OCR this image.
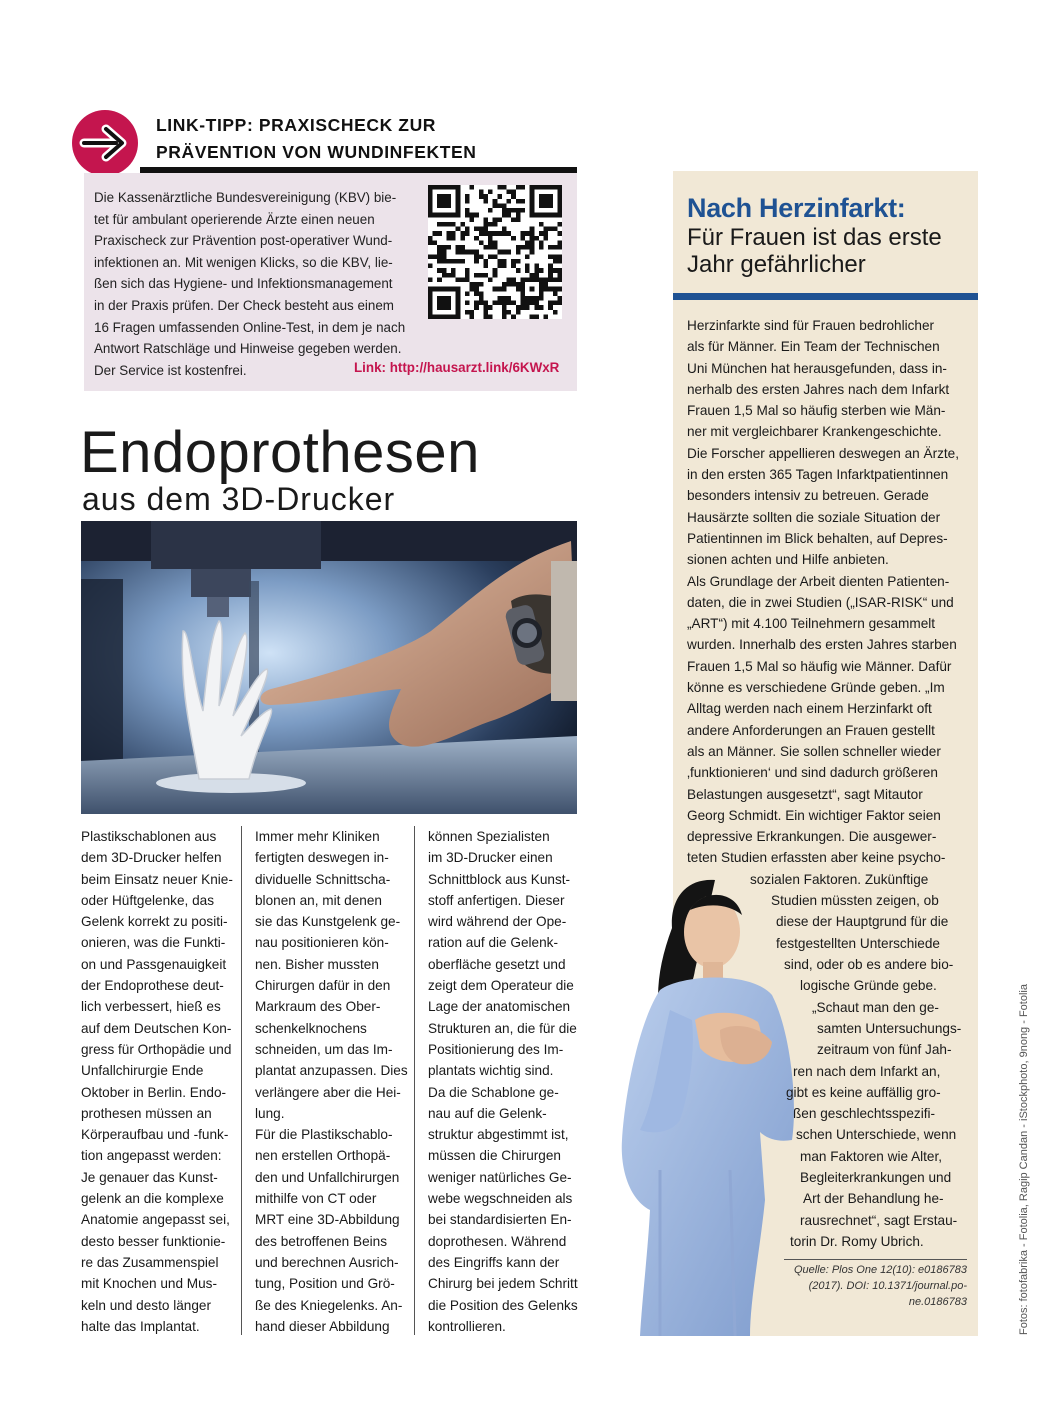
LINK-TIPP: PRAXISCHECK ZUR
PRÄVENTION VON WUNDINFEKTEN
Die Kassenärztliche Bundesvereinigung (KBV) bie-
tet für ambulant operierende Ärzte einen neuen
Praxischeck zur Prävention post-operativer Wund-
infektionen an. Mit wenigen Klicks, so die KBV, lie-
ßen sich das Hygiene- und Infektionsmanagement
in der Praxis prüfen. Der Check besteht aus einem
16 Fragen umfassenden Online-Test, in dem je nach
Antwort Ratschläge und Hinweise gegeben werden.
Der Service ist kostenfrei.	Link: http://hausarzt.link/6KWxR
Endoprothesen
aus dem 3D-Drucker
Plastikschablonen aus
dem 3D-Drucker helfen
beim Einsatz neuer Knie-
oder Hüftgelenke, das
Gelenk korrekt zu positi-
onieren, was die Funkti-
on und Passgenauigkeit
der Endoprothese deut-
lich verbessert, hieß es
auf dem Deutschen Kon-
gress für Orthopädie und
Unfallchirurgie Ende
Oktober in Berlin. Endo-
prothesen müssen an
Körperaufbau und -funk-
tion angepasst werden:
Je genauer das Kunst-
gelenk an die komplexe
Anatomie angepasst sei,
desto besser funktionie-
re das Zusammenspiel
mit Knochen und Mus-
keln und desto länger
halte das Implantat.
Immer mehr Kliniken
fertigten deswegen in-
dividuelle Schnittscha-
blonen an, mit denen
sie das Kunstgelenk ge-
nau positionieren kön-
nen. Bisher mussten
Chirurgen dafür in den
Markraum des Ober-
schenkelknochens
schneiden, um das Im-
plantat anzupassen. Dies
verlängere aber die Hei-
lung.
Für die Plastikschablo-
nen erstellen Orthopä-
den und Unfallchirurgen
mithilfe von CT oder
MRT eine 3D-Abbildung
des betroffenen Beins
und berechnen Ausrich-
tung, Position und Grö-
ße des Kniegelenks. An-
hand dieser Abbildung
können Spezialisten
im 3D-Drucker einen
Schnittblock aus Kunst-
stoff anfertigen. Dieser
wird während der Ope-
ration auf die Gelenk-
oberfläche gesetzt und
zeigt dem Operateur die
Lage der anatomischen
Strukturen an, die für die
Positionierung des Im-
plantats wichtig sind.
Da die Schablone ge-
nau auf die Gelenk-
struktur abgestimmt ist,
müssen die Chirurgen
weniger natürliches Ge-
webe wegschneiden als
bei standardisierten En-
doprothesen. Während
des Eingriffs kann der
Chirurg bei jedem Schritt
die Position des Gelenks
kontrollieren.
Nach Herzinfarkt:
Für Frauen ist das erste
Jahr gefährlicher
Herzinfarkte sind für Frauen bedrohlicher
als für Männer. Ein Team der Technischen
Uni München hat herausgefunden, dass in-
nerhalb des ersten Jahres nach dem Infarkt
Frauen 1,5 Mal so häufig sterben wie Män-
ner mit vergleichbarer Krankengeschichte.
Die Forscher appellieren deswegen an Ärzte,
in den ersten 365 Tagen Infarktpatientinnen
besonders intensiv zu betreuen. Gerade
Hausärzte sollten die soziale Situation der
Patientinnen im Blick behalten, auf Depres-
sionen achten und Hilfe anbieten.
Als Grundlage der Arbeit dienten Patienten-
daten, die in zwei Studien („ISAR-RISK“ und
„ART“) mit 4.100 Teilnehmern gesammelt
wurden. Innerhalb des ersten Jahres starben
Frauen 1,5 Mal so häufig wie Männer. Dafür
könne es verschiedene Gründe geben. „Im
Alltag werden nach einem Herzinfarkt oft
andere Anforderungen an Frauen gestellt
als an Männer. Sie sollen schneller wieder
‚funktionieren‘ und sind dadurch größeren
Belastungen ausgesetzt“, sagt Mitautor
Georg Schmidt. Ein wichtiger Faktor seien
depressive Erkrankungen. Die ausgewer-
teten Studien erfassten aber keine psycho-
sozialen Faktoren. Zukünftige
Studien müssten zeigen, ob
diese der Hauptgrund für die
festgestellten Unterschiede
sind, oder ob es andere bio-
logische Gründe gebe.
„Schaut man den ge-
samten Untersuchungs-
zeitraum von fünf Jah-
ren nach dem Infarkt an,
gibt es keine auffällig gro-
ßen geschlechtsspezifi-
schen Unterschiede, wenn
man Faktoren wie Alter,
Begleiterkrankungen und
Art der Behandlung he-
rausrechnet“, sagt Erstau-
torin Dr. Romy Ubrich.
Quelle: Plos One 12(10): e0186783
(2017). DOI: 10.1371/journal.po-
ne.0186783	Fotos: fotofabrika - Fotolia, Ragip Candan - iStockphoto, 9nong - Fotolia
